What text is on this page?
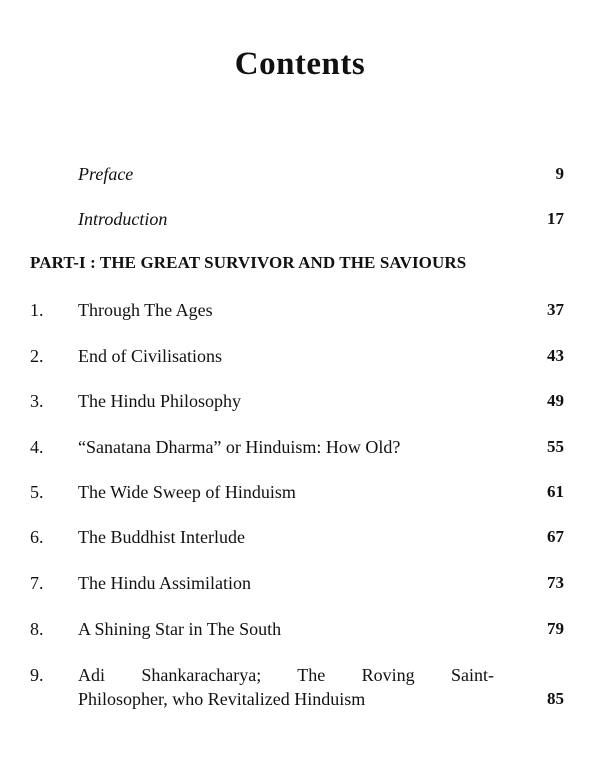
Contents
Preface	9
Introduction	17
PART-I : THE GREAT SURVIVOR AND THE SAVIOURS
1. Through The Ages	37
2. End of Civilisations	43
3. The Hindu Philosophy	49
4. “Sanatana Dharma” or Hinduism: How Old?	55
5. The Wide Sweep of Hinduism	61
6. The Buddhist Interlude	67
7. The Hindu Assimilation	73
8. A Shining Star in The South	79
9. Adi Shankaracharya; The Roving Saint-
Philosopher, who Revitalized Hinduism	85
